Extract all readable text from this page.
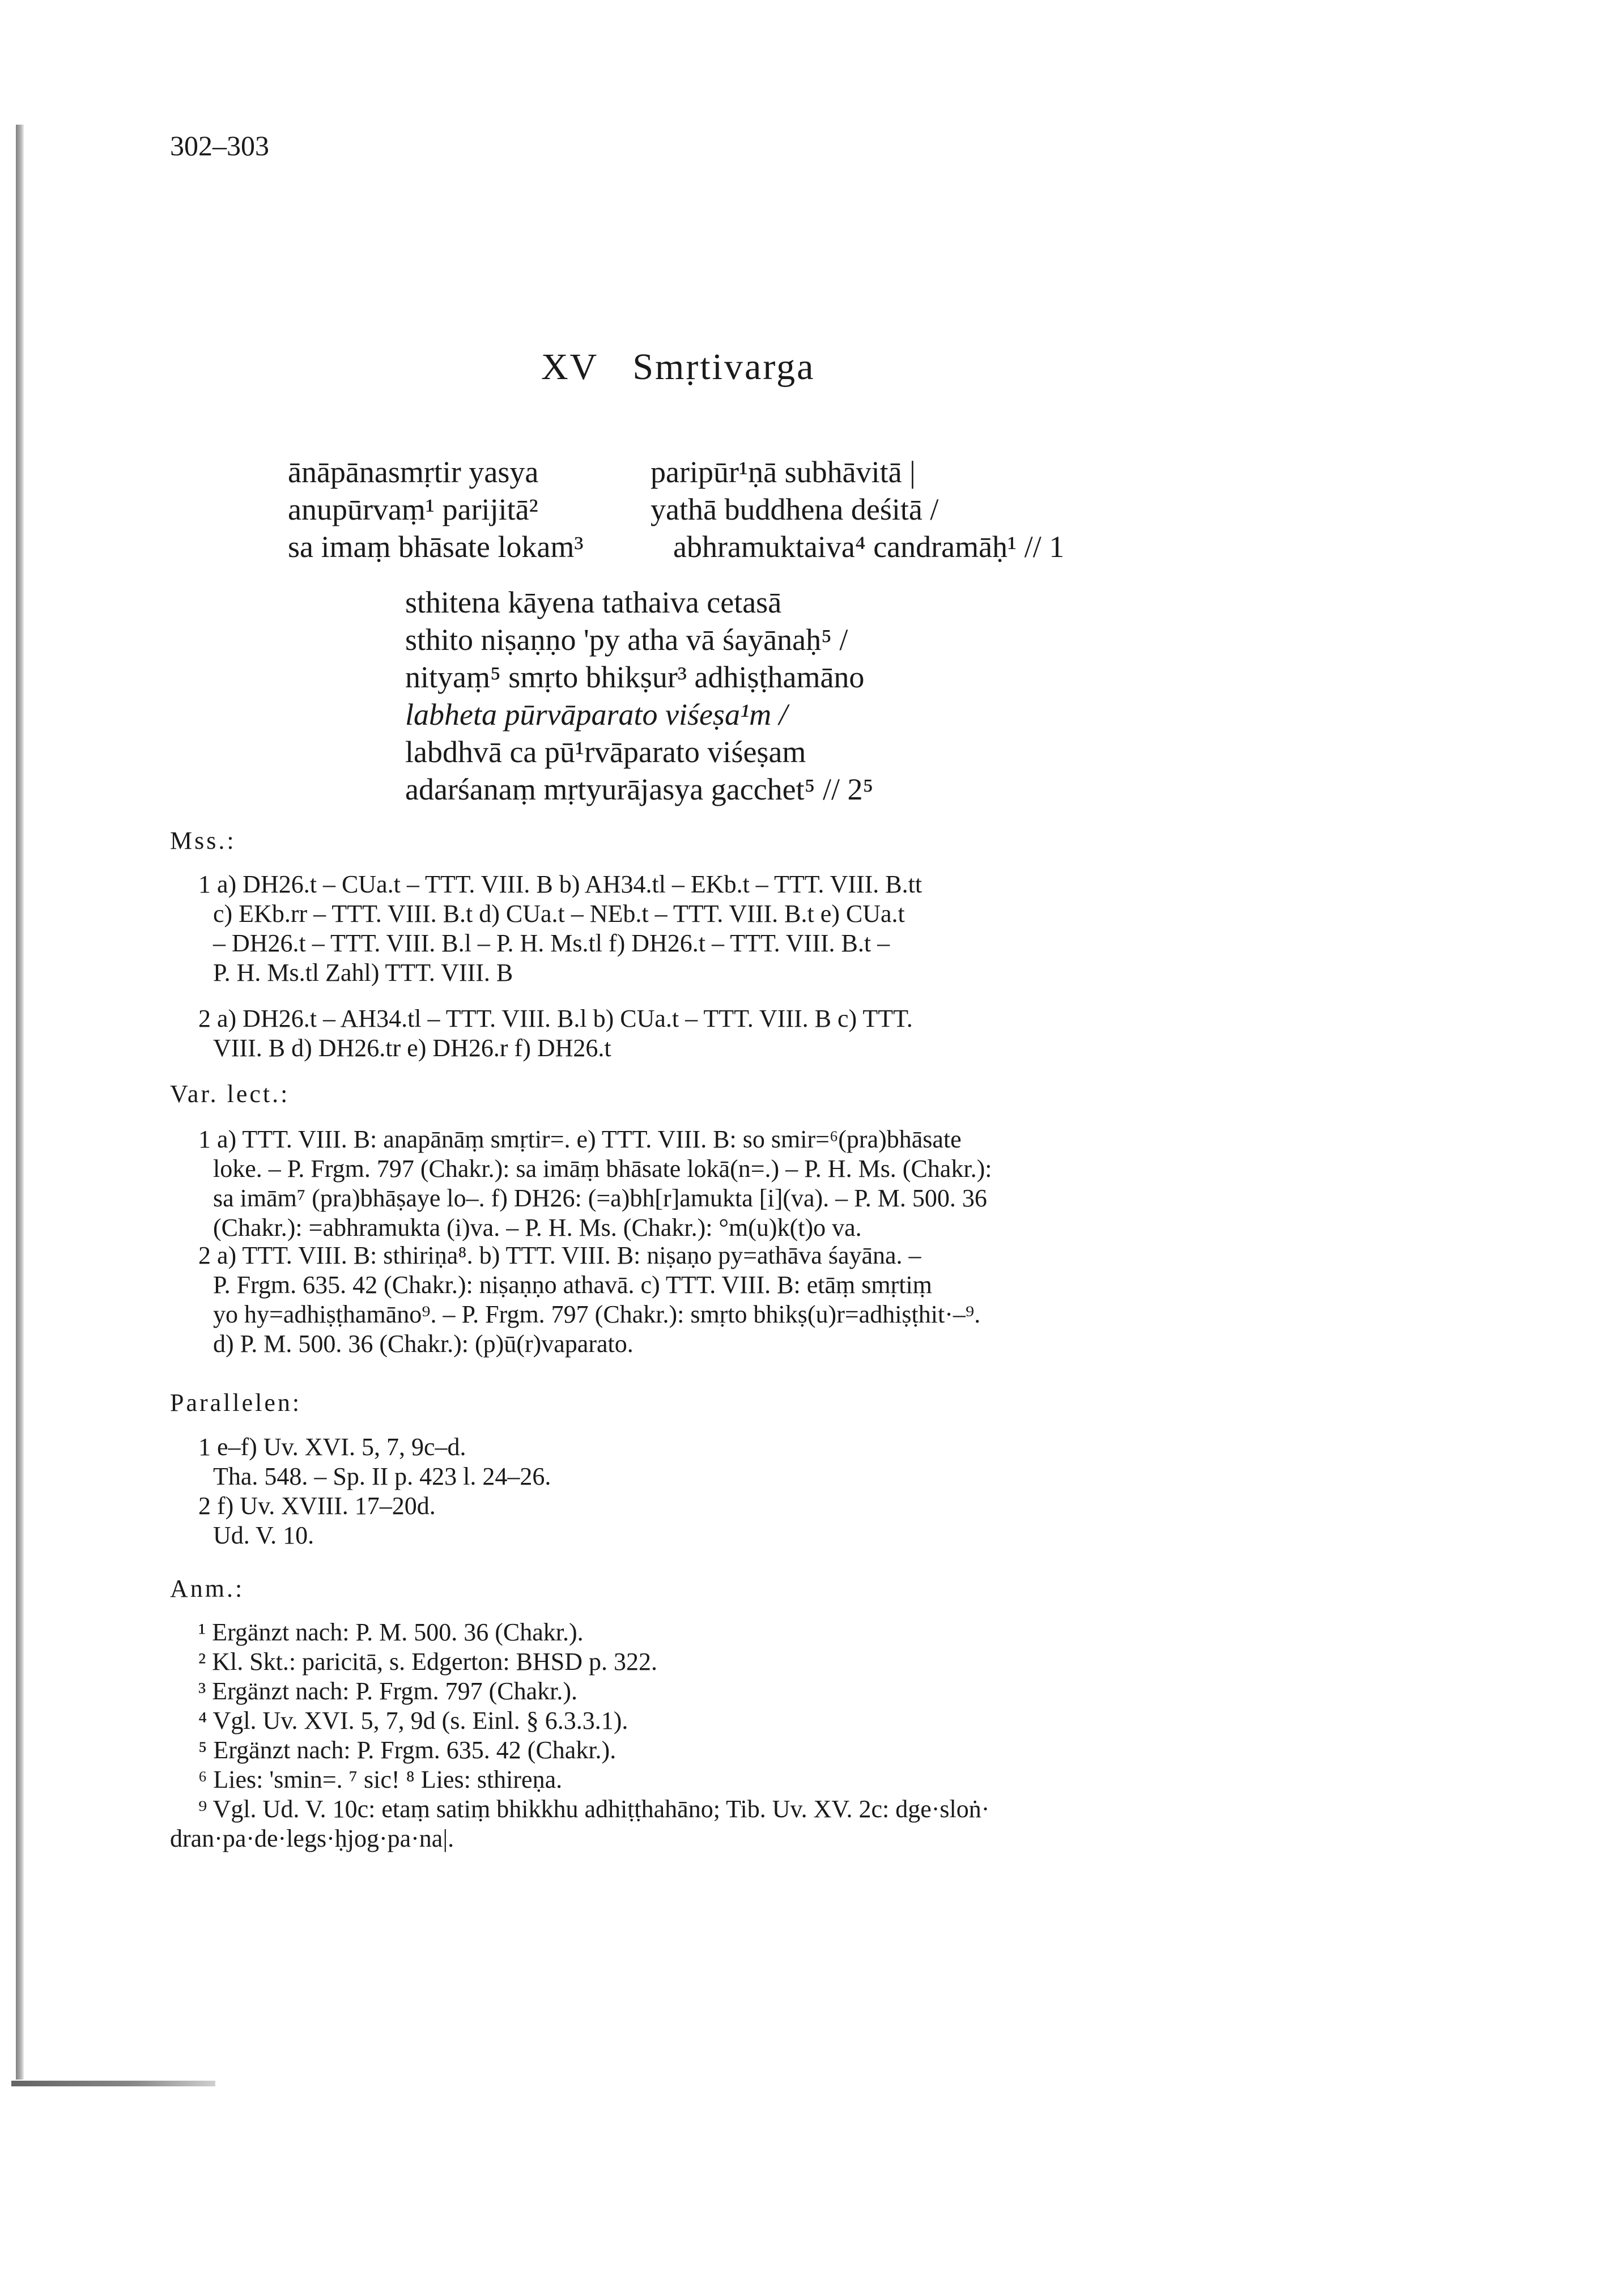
302–303
XV Smṛtivarga
ānāpānasmṛtir yasya	paripūr¹ṇā subhāvitā |
anupūrvaṃ¹ parijitā²	yathā buddhena deśitā /
sa imaṃ bhāsate lokam³	abhramuktaiva⁴ candramāḥ¹ // 1
sthitena kāyena tathaiva cetasā
sthito niṣaṇṇo 'py atha vā śayānaḥ⁵ /
nityaṃ⁵ smṛto bhikṣur³ adhiṣṭhamāno
labheta pūrvāparato viśeṣa¹m /
labdhvā ca pū¹rvāparato viśeṣam
adarśanaṃ mṛtyurājasya gacchet⁵ // 2⁵
Mss.:
1 a) DH26.t – CUa.t – TTT. VIII. B b) AH34.tl – EKb.t – TTT. VIII. B.tt
c) EKb.rr – TTT. VIII. B.t d) CUa.t – NEb.t – TTT. VIII. B.t e) CUa.t
– DH26.t – TTT. VIII. B.l – P. H. Ms.tl f) DH26.t – TTT. VIII. B.t –
P. H. Ms.tl Zahl) TTT. VIII. B
2 a) DH26.t – AH34.tl – TTT. VIII. B.l b) CUa.t – TTT. VIII. B c) TTT.
VIII. B d) DH26.tr e) DH26.r f) DH26.t
Var. lect.:
1 a) TTT. VIII. B: anapānāṃ smṛtir=. e) TTT. VIII. B: so smir=⁶(pra)bhāsate
loke. – P. Frgm. 797 (Chakr.): sa imāṃ bhāsate lokā(n=.) – P. H. Ms. (Chakr.):
sa imām⁷ (pra)bhāṣaye lo–. f) DH26: (=a)bh[r]amukta [i](va). – P. M. 500. 36
(Chakr.): =abhramukta (i)va. – P. H. Ms. (Chakr.): °m(u)k(t)o va.
2 a) TTT. VIII. B: sthiriṇa⁸. b) TTT. VIII. B: niṣaṇo py=athāva śayāna. –
P. Frgm. 635. 42 (Chakr.): niṣaṇṇo athavā. c) TTT. VIII. B: etāṃ smṛtiṃ
yo hy=adhiṣṭhamāno⁹. – P. Frgm. 797 (Chakr.): smṛto bhikṣ(u)r=adhiṣṭhit·–⁹.
d) P. M. 500. 36 (Chakr.): (p)ū(r)vaparato.
Parallelen:
1 e–f) Uv. XVI. 5, 7, 9c–d.
Tha. 548. – Sp. II p. 423 l. 24–26.
2 f) Uv. XVIII. 17–20d.
Ud. V. 10.
Anm.:
¹ Ergänzt nach: P. M. 500. 36 (Chakr.).
² Kl. Skt.: paricitā, s. Edgerton: BHSD p. 322.
³ Ergänzt nach: P. Frgm. 797 (Chakr.).
⁴ Vgl. Uv. XVI. 5, 7, 9d (s. Einl. § 6.3.3.1).
⁵ Ergänzt nach: P. Frgm. 635. 42 (Chakr.).
⁶ Lies: 'smin=. ⁷ sic! ⁸ Lies: sthireṇa.
⁹ Vgl. Ud. V. 10c: etaṃ satiṃ bhikkhu adhiṭṭhahāno; Tib. Uv. XV. 2c: dge·sloṅ·
dran·pa·de·legs·ḥjog·pa·na|.
